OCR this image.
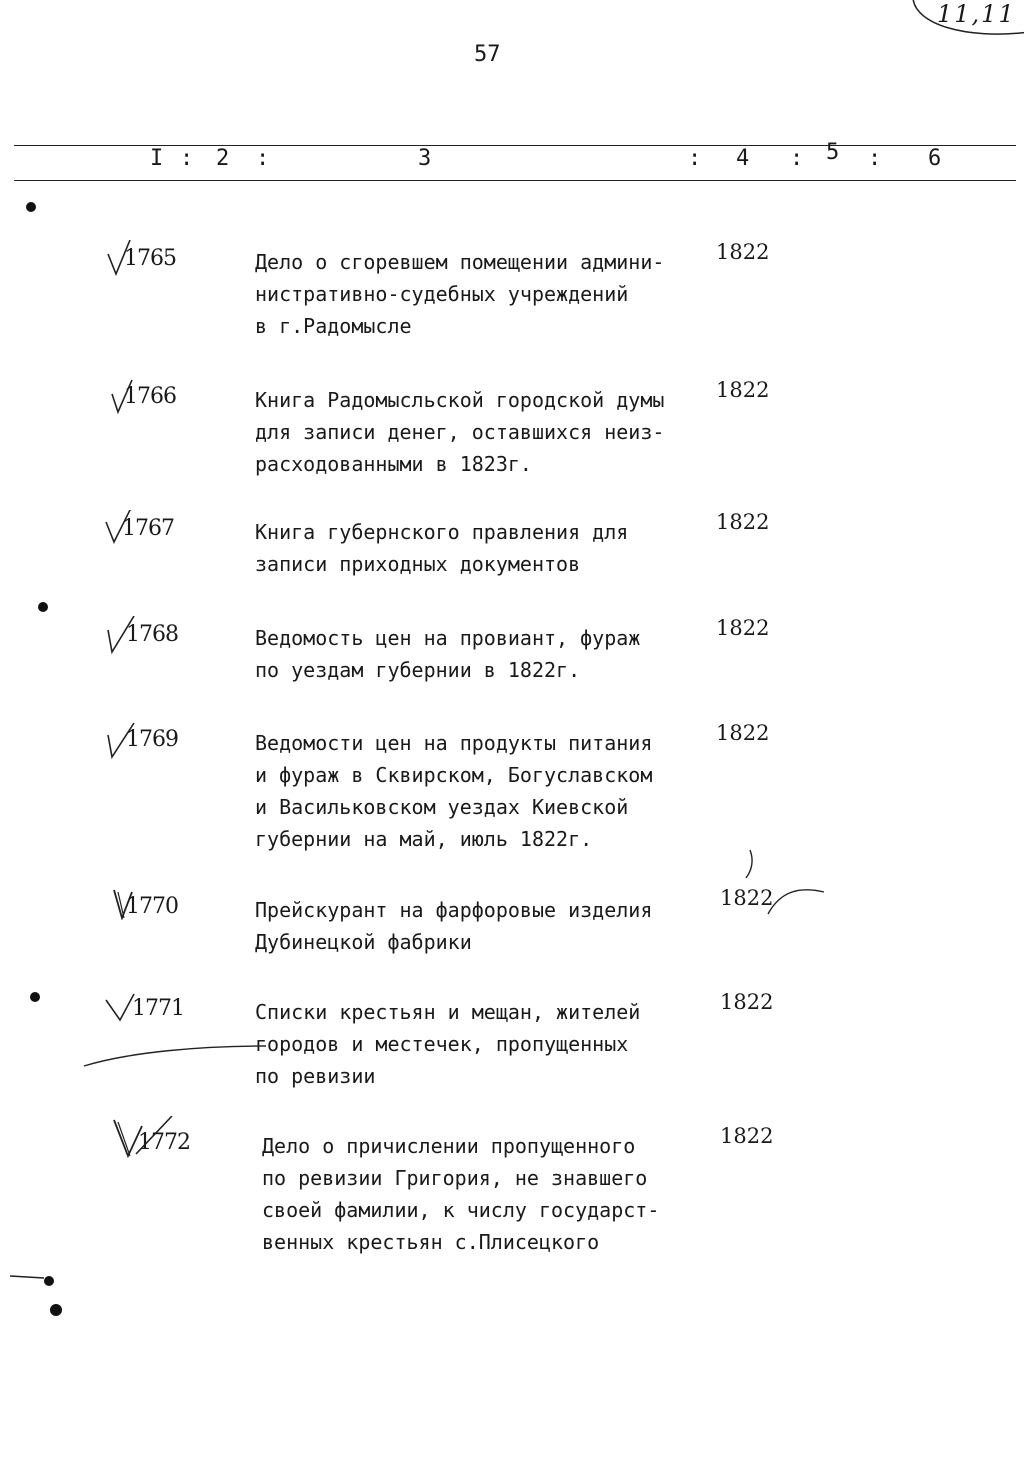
57
11,11
I : 2 :	3	: 4 : 5 : 6
1765	Дело о сгоревшем помещении админи-
нистративно-судебных учреждений
в г.Радомысле
1822
1766	Книга Радомысльской городской думы
для записи денег, оставшихся неиз-
расходованными в 1823г.
1822
1767	Книга губернского правления для
записи приходных документов
1822
1768	Ведомость цен на провиант, фураж
по уездам губернии в 1822г.
1822
1769	Ведомости цен на продукты питания
и фураж в Сквирском, Богуславском
и Васильковском уездах Киевской
губернии на май, июль 1822г.
1822
1770	Прейскурант на фарфоровые изделия
Дубинецкой фабрики
1822
1771	Списки крестьян и мещан, жителей
городов и местечек, пропущенных
по ревизии
1822
1772	Дело о причислении пропущенного
по ревизии Григория, не знавшего
своей фамилии, к числу государст-
венных крестьян с.Плисецкого
1822
